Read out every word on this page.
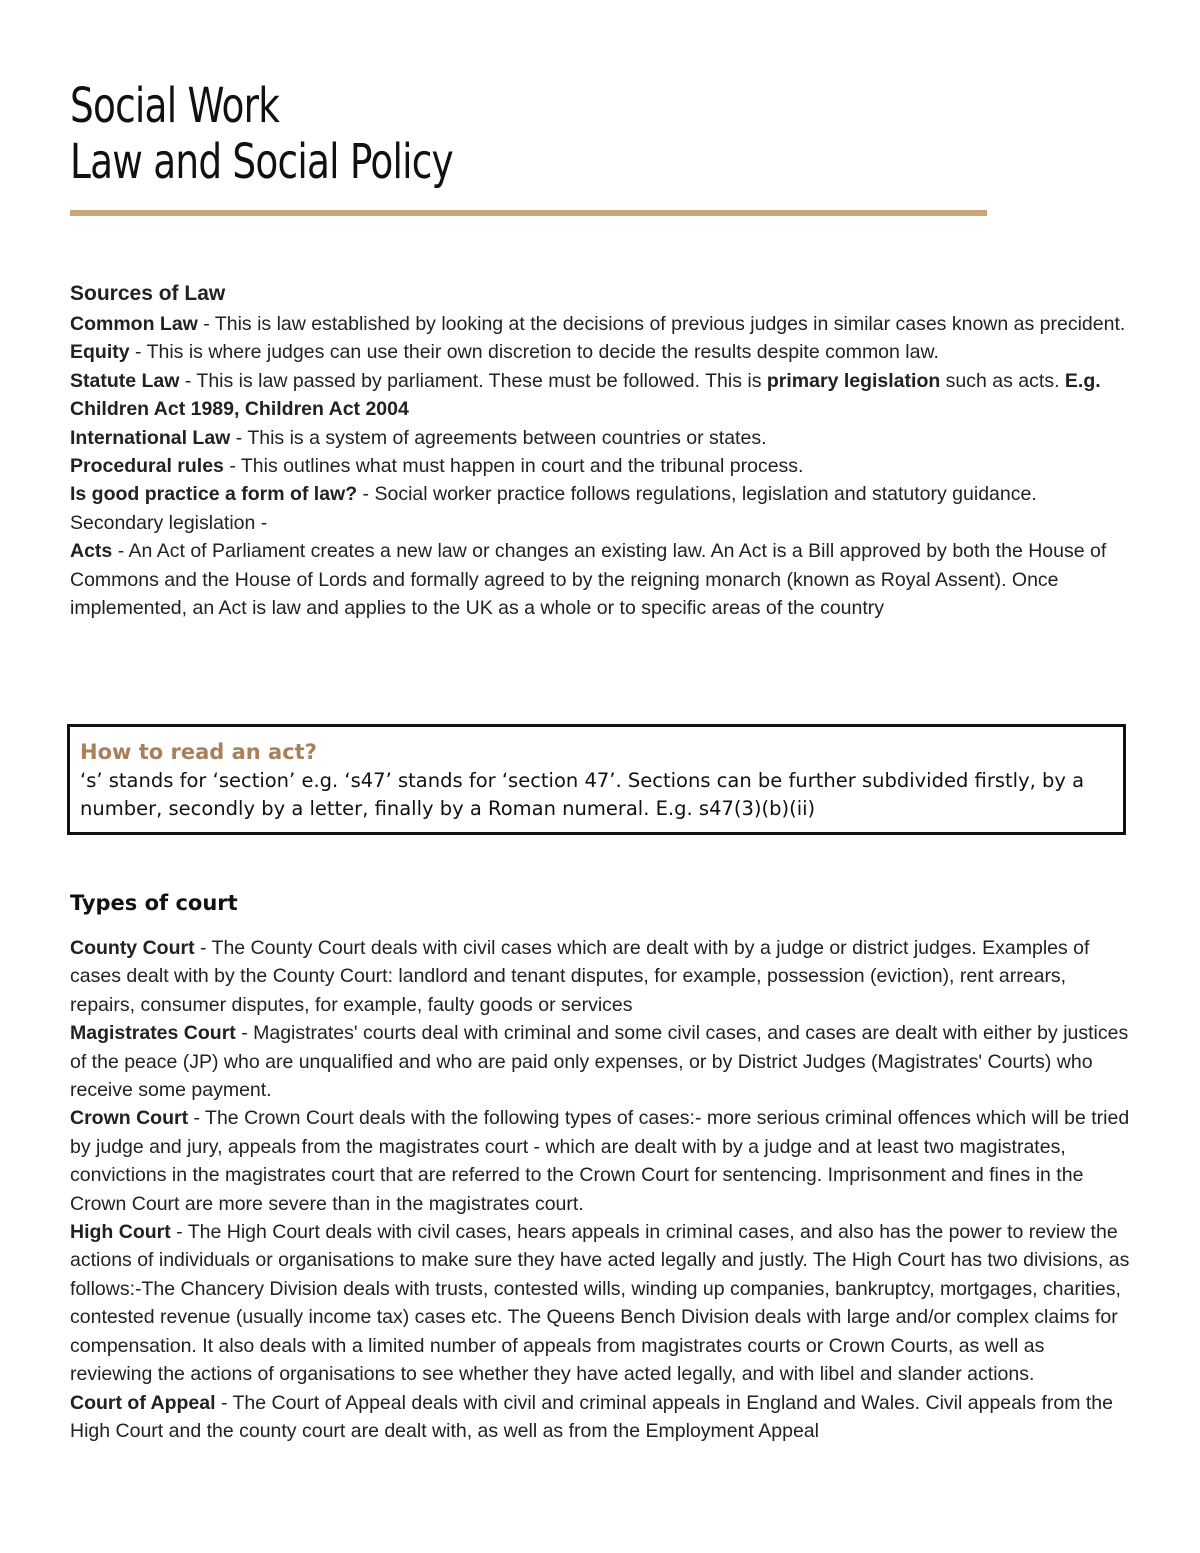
Social Work
Law and Social Policy
Sources of Law

Common Law - This is law established by looking at the decisions of previous judges in similar cases known as precident.

Equity - This is where judges can use their own discretion to decide the results despite common law.

Statute Law - This is law passed by parliament. These must be followed. This is primary legislation such as acts. E.g. Children Act 1989, Children Act 2004

International Law - This is a system of agreements between countries or states.

Procedural rules - This outlines what must happen in court and the tribunal process.

Is good practice a form of law? - Social worker practice follows regulations, legislation and statutory guidance.

Secondary legislation -

Acts - An Act of Parliament creates a new law or changes an existing law. An Act is a Bill approved by both the House of Commons and the House of Lords and formally agreed to by the reigning monarch (known as Royal Assent). Once implemented, an Act is law and applies to the UK as a whole or to specific areas of the country

How to read an act?
‘s’ stands for ‘section’ e.g. ‘s47’ stands for ‘section 47’. Sections can be further subdivided firstly, by a number, secondly by a letter, finally by a Roman numeral. E.g. s47(3)(b)(ii)
Types of court

County Court - The County Court deals with civil cases which are dealt with by a judge or district judges. Examples of cases dealt with by the County Court: landlord and tenant disputes, for example, possession (eviction), rent arrears, repairs, consumer disputes, for example, faulty goods or services

Magistrates Court - Magistrates' courts deal with criminal and some civil cases, and cases are dealt with either by justices of the peace (JP) who are unqualified and who are paid only expenses, or by District Judges (Magistrates' Courts) who receive some payment.

Crown Court - The Crown Court deals with the following types of cases:- more serious criminal offences which will be tried by judge and jury, appeals from the magistrates court - which are dealt with by a judge and at least two magistrates, convictions in the magistrates court that are referred to the Crown Court for sentencing. Imprisonment and fines in the Crown Court are more severe than in the magistrates court.

High Court - The High Court deals with civil cases, hears appeals in criminal cases, and also has the power to review the actions of individuals or organisations to make sure they have acted legally and justly. The High Court has two divisions, as follows:-The Chancery Division deals with trusts, contested wills, winding up companies, bankruptcy, mortgages, charities, contested revenue (usually income tax) cases etc. The Queens Bench Division deals with large and/or complex claims for compensation. It also deals with a limited number of appeals from magistrates courts or Crown Courts, as well as reviewing the actions of organisations to see whether they have acted legally, and with libel and slander actions.

Court of Appeal - The Court of Appeal deals with civil and criminal appeals in England and Wales. Civil appeals from the High Court and the county court are dealt with, as well as from the Employment Appeal
